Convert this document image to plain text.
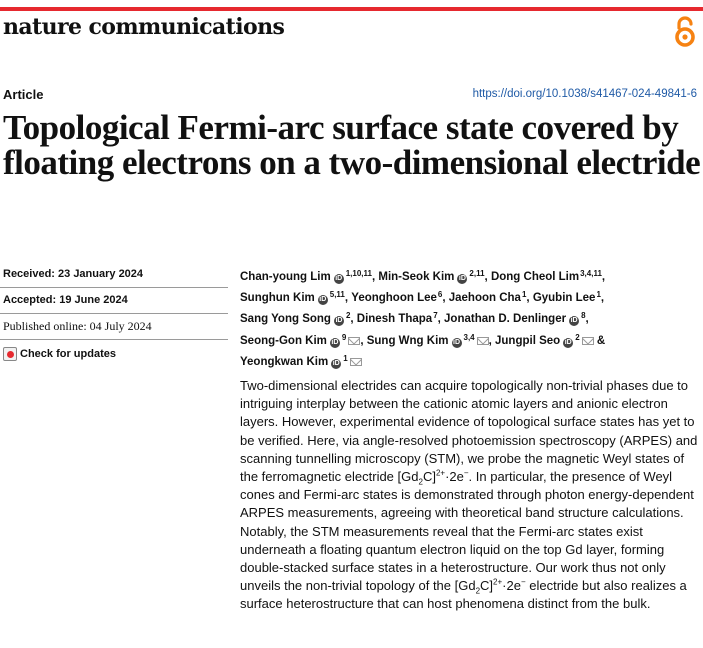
nature communications
Article	https://doi.org/10.1038/s41467-024-49841-6
Topological Fermi-arc surface state covered by floating electrons on a two-dimensional electride
Received: 23 January 2024
Accepted: 19 June 2024
Published online: 04 July 2024
Check for updates
Chan-young Lim iD$^{1,10,11}$, Min-Seok Kim iD$^{2,11}$, Dong Cheol Lim$^{3,4,11}$, Sunghun Kim iD$^{5,11}$, Yeonghoon Lee$^6$, Jaehoon Cha$^1$, Gyubin Lee$^1$, Sang Yong Song iD$^2$, Dinesh Thapa$^7$, Jonathan D. Denlinger iD$^8$, Seong-Gon Kim iD$^9$ , Sung Wng Kim iD$^{3,4}$ , Jungpil Seo iD$^2$ & Yeongkwan Kim iD$^1$

Two-dimensional electrides can acquire topologically non-trivial phases due to intriguing interplay between the cationic atomic layers and anionic electron layers. However, experimental evidence of topological surface states has yet to be verified. Here, via angle-resolved photoemission spectroscopy (ARPES) and scanning tunnelling microscopy (STM), we probe the magnetic Weyl states of the ferromagnetic electride $[Gd_2C]^{2+}\cdot 2e^-$. In particular, the presence of Weyl cones and Fermi-arc states is demonstrated through photon energy-dependent ARPES measurements, agreeing with theoretical band structure calculations. Notably, the STM measurements reveal that the Fermi-arc states exist underneath a floating quantum electron liquid on the top Gd layer, forming double-stacked surface states in a heterostructure. Our work thus not only unveils the non-trivial topology of the $[Gd_2C]^{2+}\cdot 2e^-$ electride but also realizes a surface heterostructure that can host phenomena distinct from the bulk.
